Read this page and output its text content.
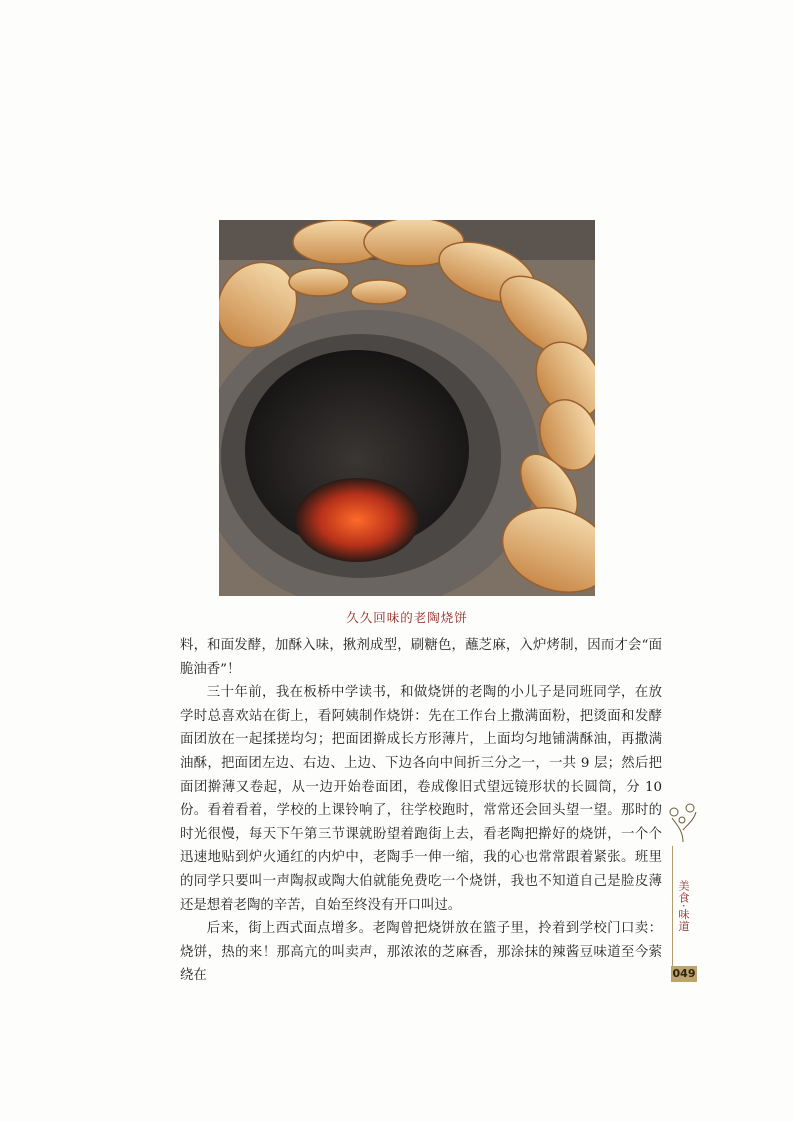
久久回味的老陶烧饼

料，和面发酵，加酥入味，揪剂成型，刷糖色，蘸芝麻，入炉烤制，因而才会“面脆油香”！

三十年前，我在板桥中学读书，和做烧饼的老陶的小儿子是同班同学，在放学时总喜欢站在街上，看阿姨制作烧饼：先在工作台上撒满面粉，把烫面和发酵面团放在一起揉搓均匀；把面团擀成长方形薄片，上面均匀地铺满酥油，再撒满油酥，把面团左边、右边、上边、下边各向中间折三分之一，一共 9 层；然后把面团擀薄又卷起，从一边开始卷面团，卷成像旧式望远镜形状的长圆筒，分 10 份。看着看着，学校的上课铃响了，往学校跑时，常常还会回头望一望。那时的时光很慢，每天下午第三节课就盼望着跑街上去，看老陶把擀好的烧饼，一个个迅速地贴到炉火通红的内炉中，老陶手一伸一缩，我的心也常常跟着紧张。班里的同学只要叫一声陶叔或陶大伯就能免费吃一个烧饼，我也不知道自己是脸皮薄还是想着老陶的辛苦，自始至终没有开口叫过。

后来，街上西式面点增多。老陶曾把烧饼放在篮子里，拎着到学校门口卖：烧饼，热的来！那高亢的叫卖声，那浓浓的芝麻香，那涂抹的辣酱豆味道至今萦绕在

美食·味道
049
